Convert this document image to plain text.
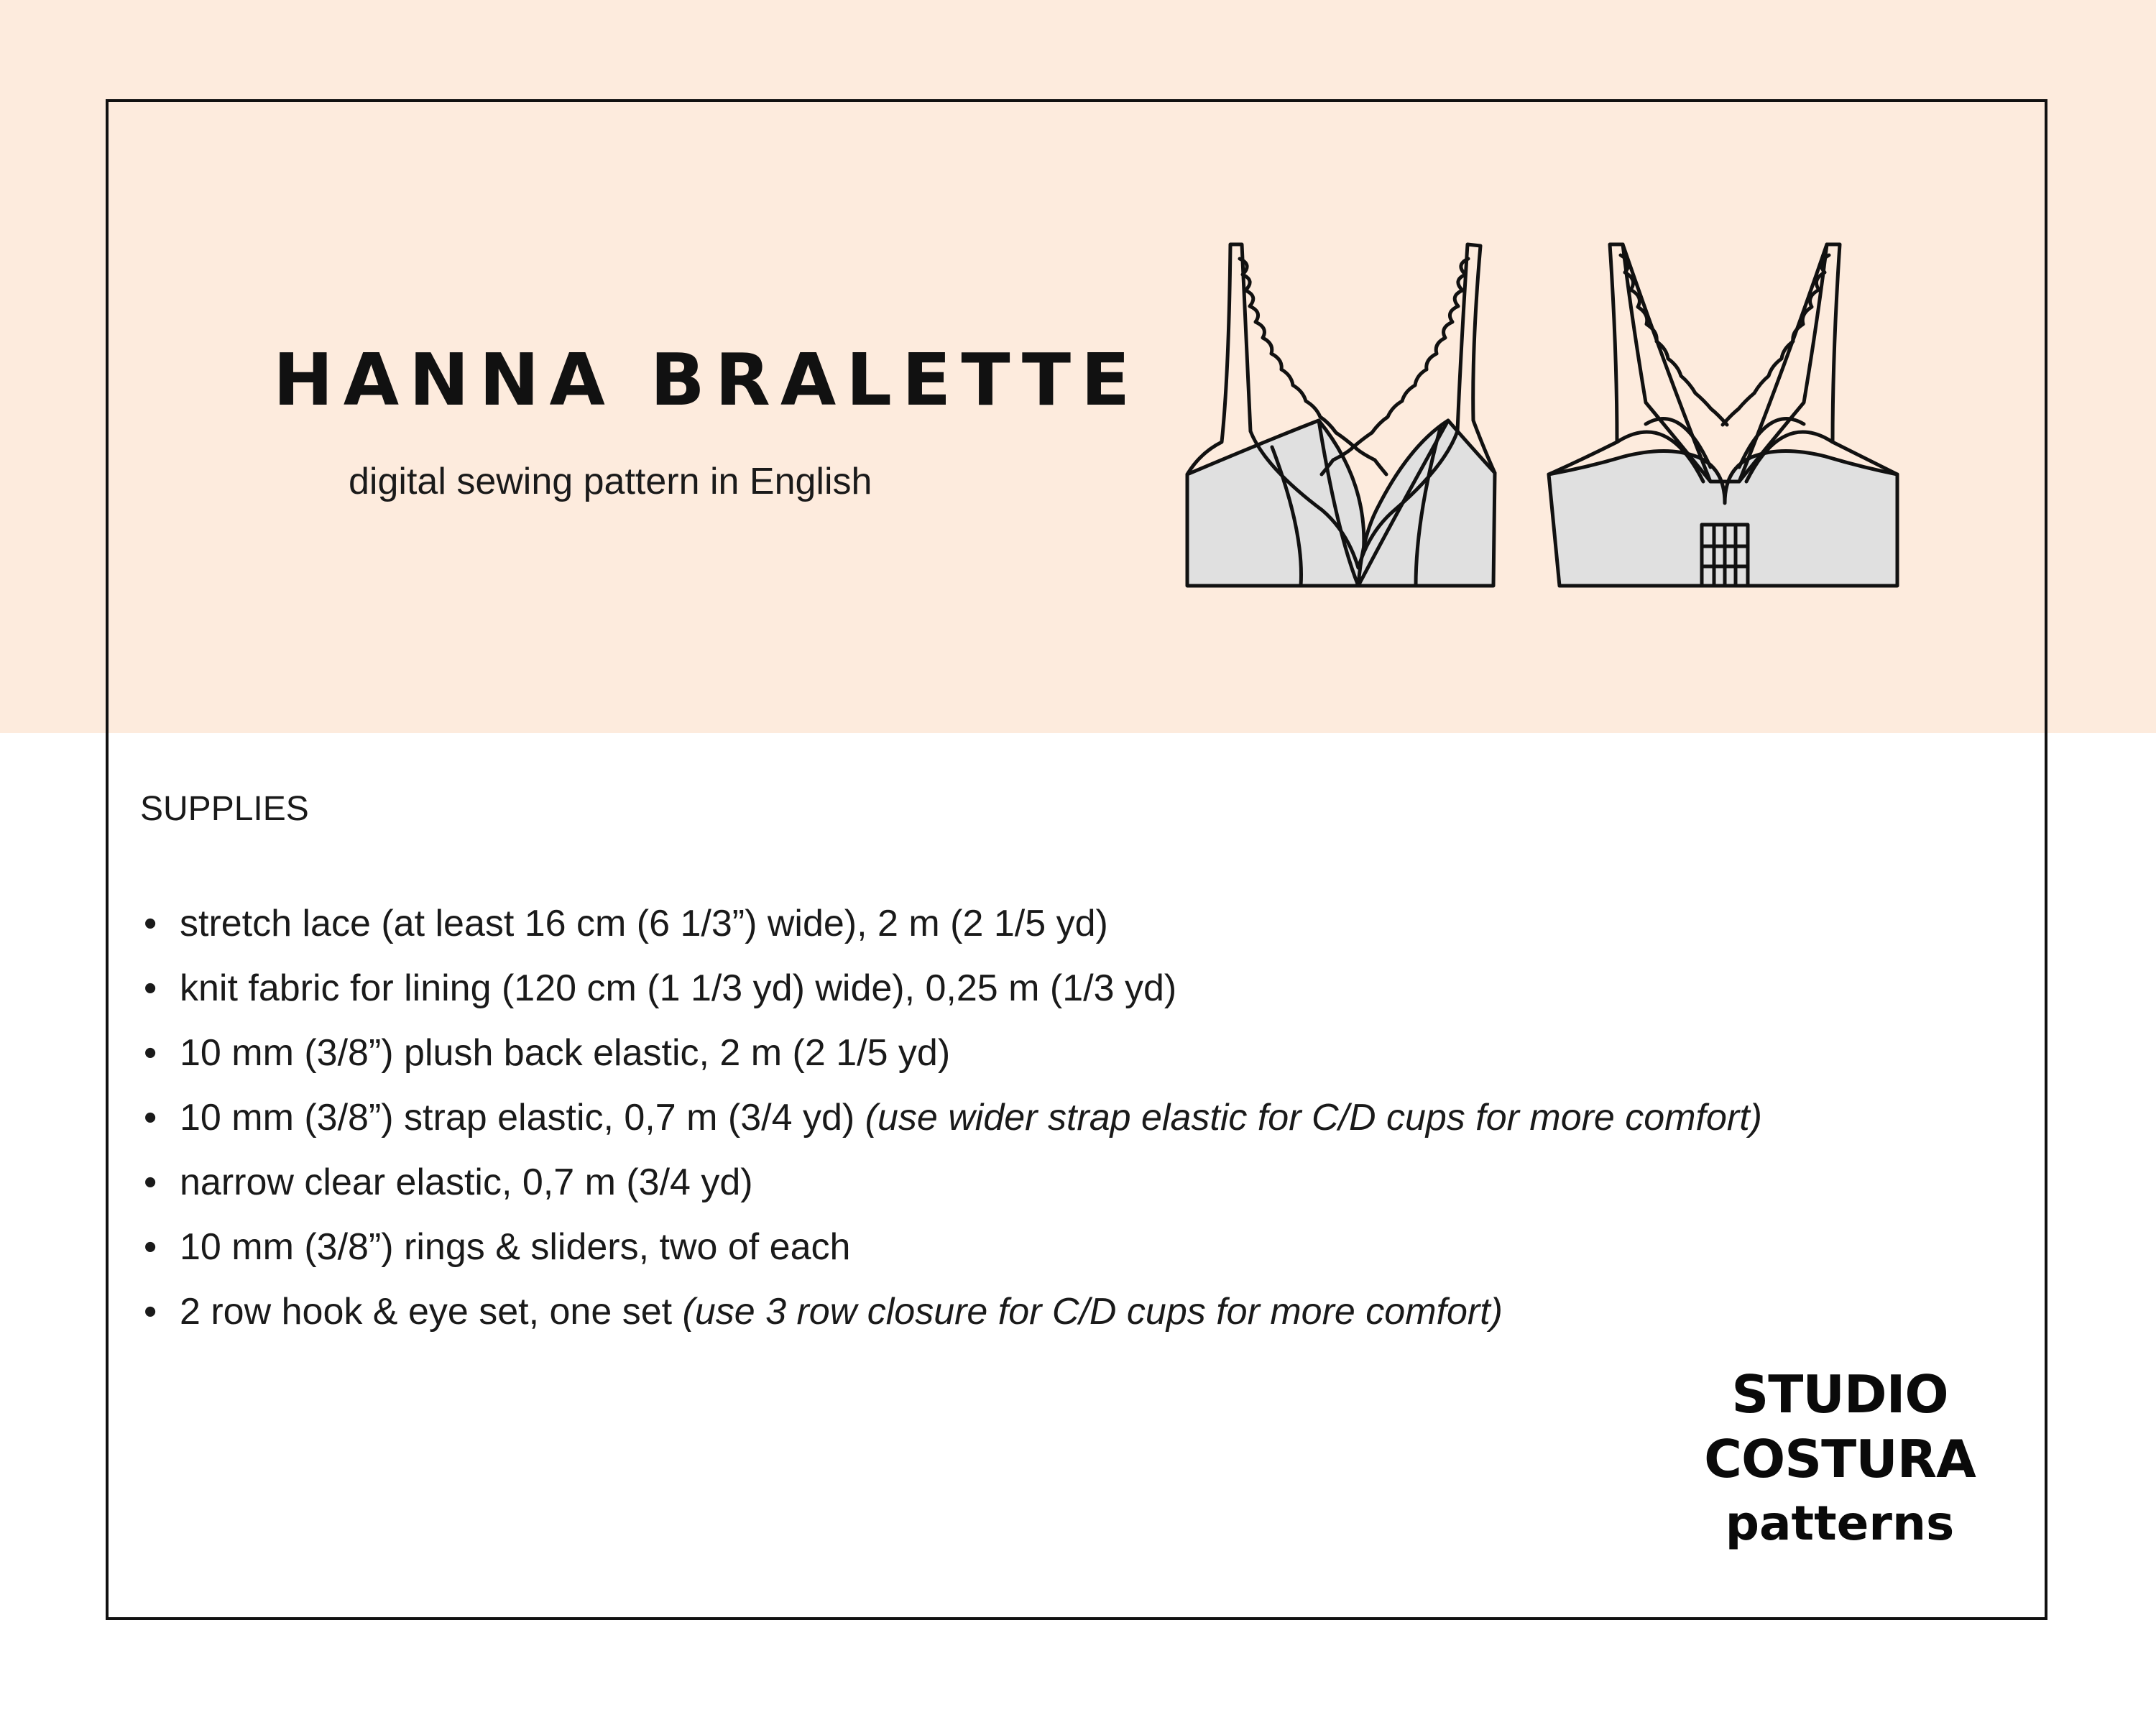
HANNA BRALETTE
digital sewing pattern in English
SUPPLIES
• stretch lace (at least 16 cm (6 1/3”) wide), 2 m (2 1/5 yd)
• knit fabric for lining (120 cm (1 1/3 yd) wide), 0,25 m (1/3 yd)
• 10 mm (3/8”) plush back elastic, 2 m (2 1/5 yd)
• 10 mm (3/8”) strap elastic, 0,7 m (3/4 yd) (use wider strap elastic for C/D cups for more comfort)
• narrow clear elastic, 0,7 m (3/4 yd)
• 10 mm (3/8”) rings & sliders, two of each
• 2 row hook & eye set, one set (use 3 row closure for C/D cups for more comfort)
STUDIO
COSTURA
patterns
